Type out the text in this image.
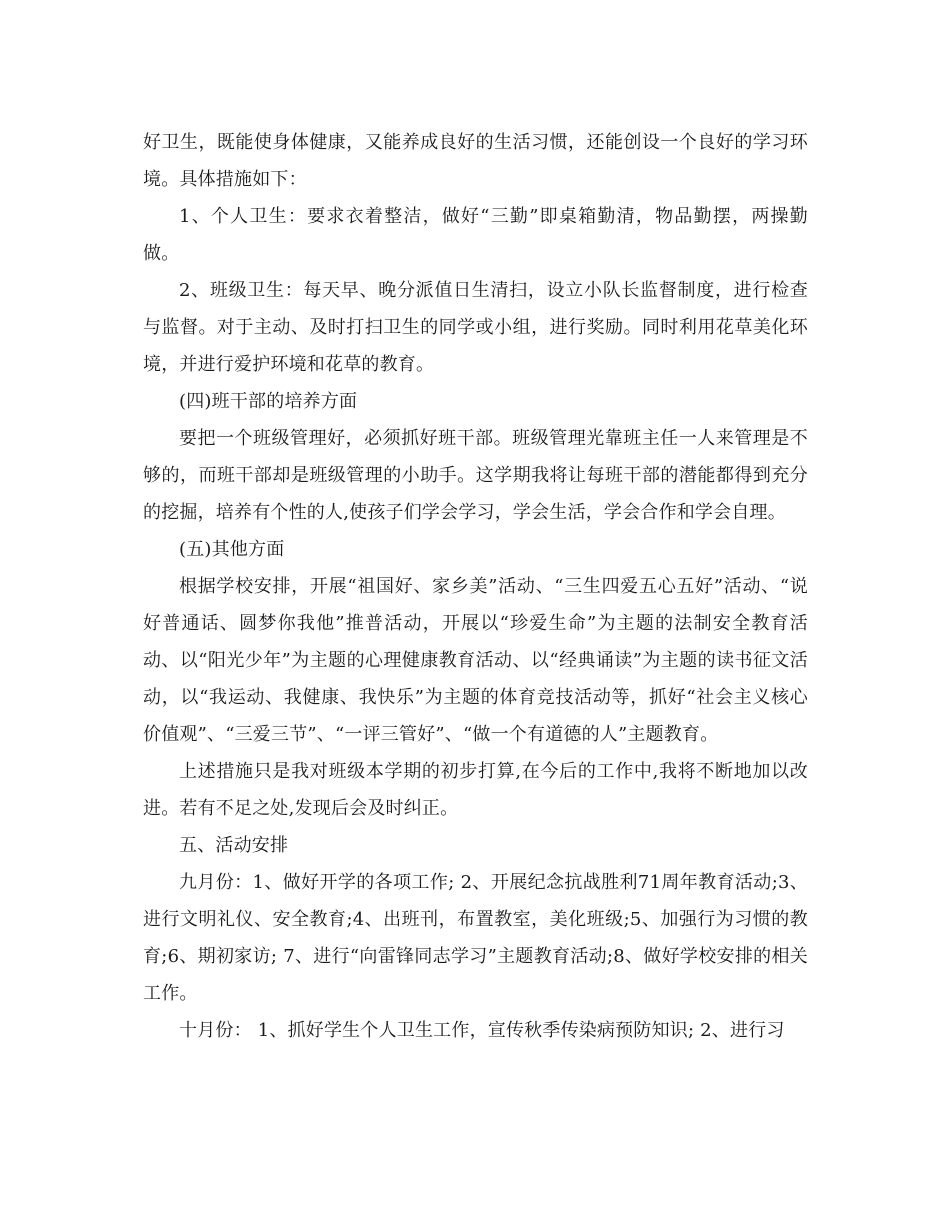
好卫生，既能使身体健康，又能养成良好的生活习惯，还能创设一个良好的学习环境。具体措施如下：

1、个人卫生：要求衣着整洁，做好“三勤”即桌箱勤清，物品勤摆，两操勤做。

2、班级卫生：每天早、晚分派值日生清扫，设立小队长监督制度，进行检查与监督。对于主动、及时打扫卫生的同学或小组，进行奖励。同时利用花草美化环境，并进行爱护环境和花草的教育。

(四)班干部的培养方面

要把一个班级管理好，必须抓好班干部。班级管理光靠班主任一人来管理是不够的，而班干部却是班级管理的小助手。这学期我将让每班干部的潜能都得到充分的挖掘，培养有个性的人,使孩子们学会学习，学会生活，学会合作和学会自理。

(五)其他方面

根据学校安排，开展“祖国好、家乡美”活动、“三生四爱五心五好”活动、“说好普通话、圆梦你我他”推普活动，开展以“珍爱生命”为主题的法制安全教育活动、以“阳光少年”为主题的心理健康教育活动、以“经典诵读”为主题的读书征文活动，以“我运动、我健康、我快乐”为主题的体育竞技活动等，抓好“社会主义核心价值观”、“三爱三节”、“一评三管好”、“做一个有道德的人”主题教育。

上述措施只是我对班级本学期的初步打算,在今后的工作中,我将不断地加以改进。若有不足之处,发现后会及时纠正。

五、活动安排

九月份：1、做好开学的各项工作; 2、开展纪念抗战胜利71周年教育活动;3、进行文明礼仪、安全教育;4、出班刊，布置教室，美化班级;5、加强行为习惯的教育;6、期初家访; 7、进行“向雷锋同志学习”主题教育活动;8、做好学校安排的相关工作。

十月份： 1、抓好学生个人卫生工作，宣传秋季传染病预防知识; 2、进行习
